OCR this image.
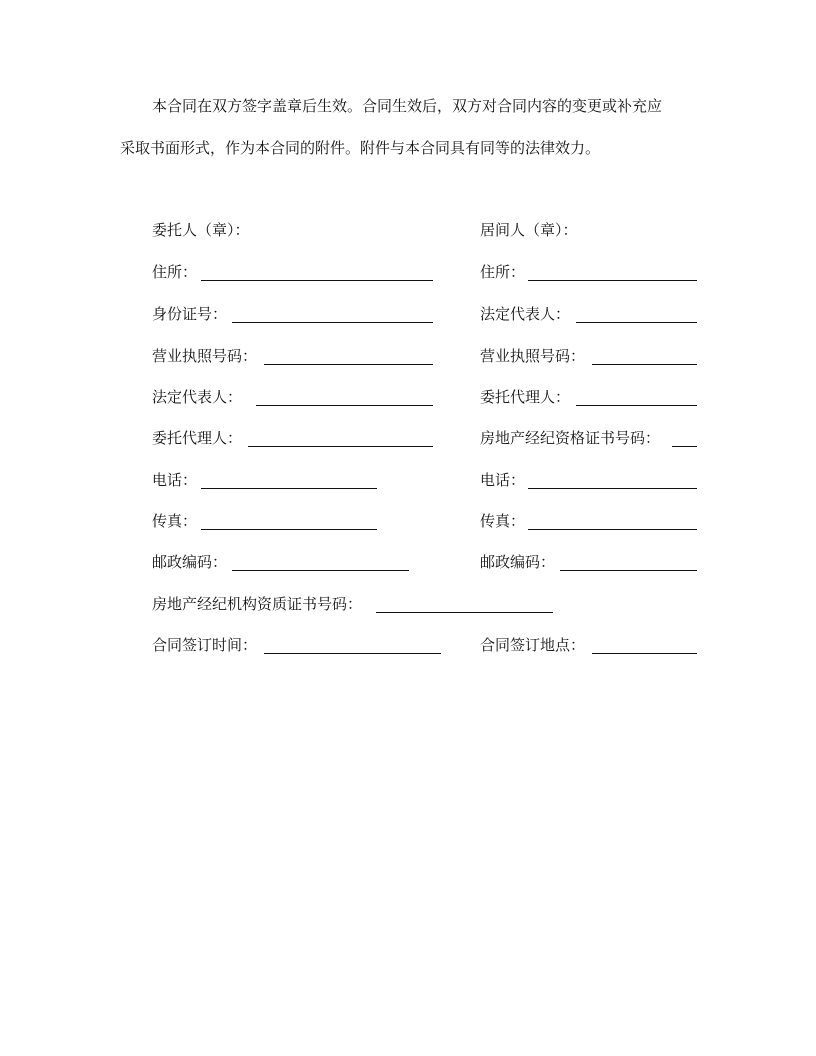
本合同在双方签字盖章后生效。合同生效后，双方对合同内容的变更或补充应
采取书面形式，作为本合同的附件。附件与本合同具有同等的法律效力。
委托人（章）：
住所：
身份证号：
营业执照号码：
法定代表人：
委托代理人：
电话：
传真：
邮政编码：
房地产经纪机构资质证书号码：
合同签订时间：
居间人（章）：
住所：
法定代表人：
营业执照号码：
委托代理人：
房地产经纪资格证书号码：
电话：
传真：
邮政编码：
合同签订地点：
